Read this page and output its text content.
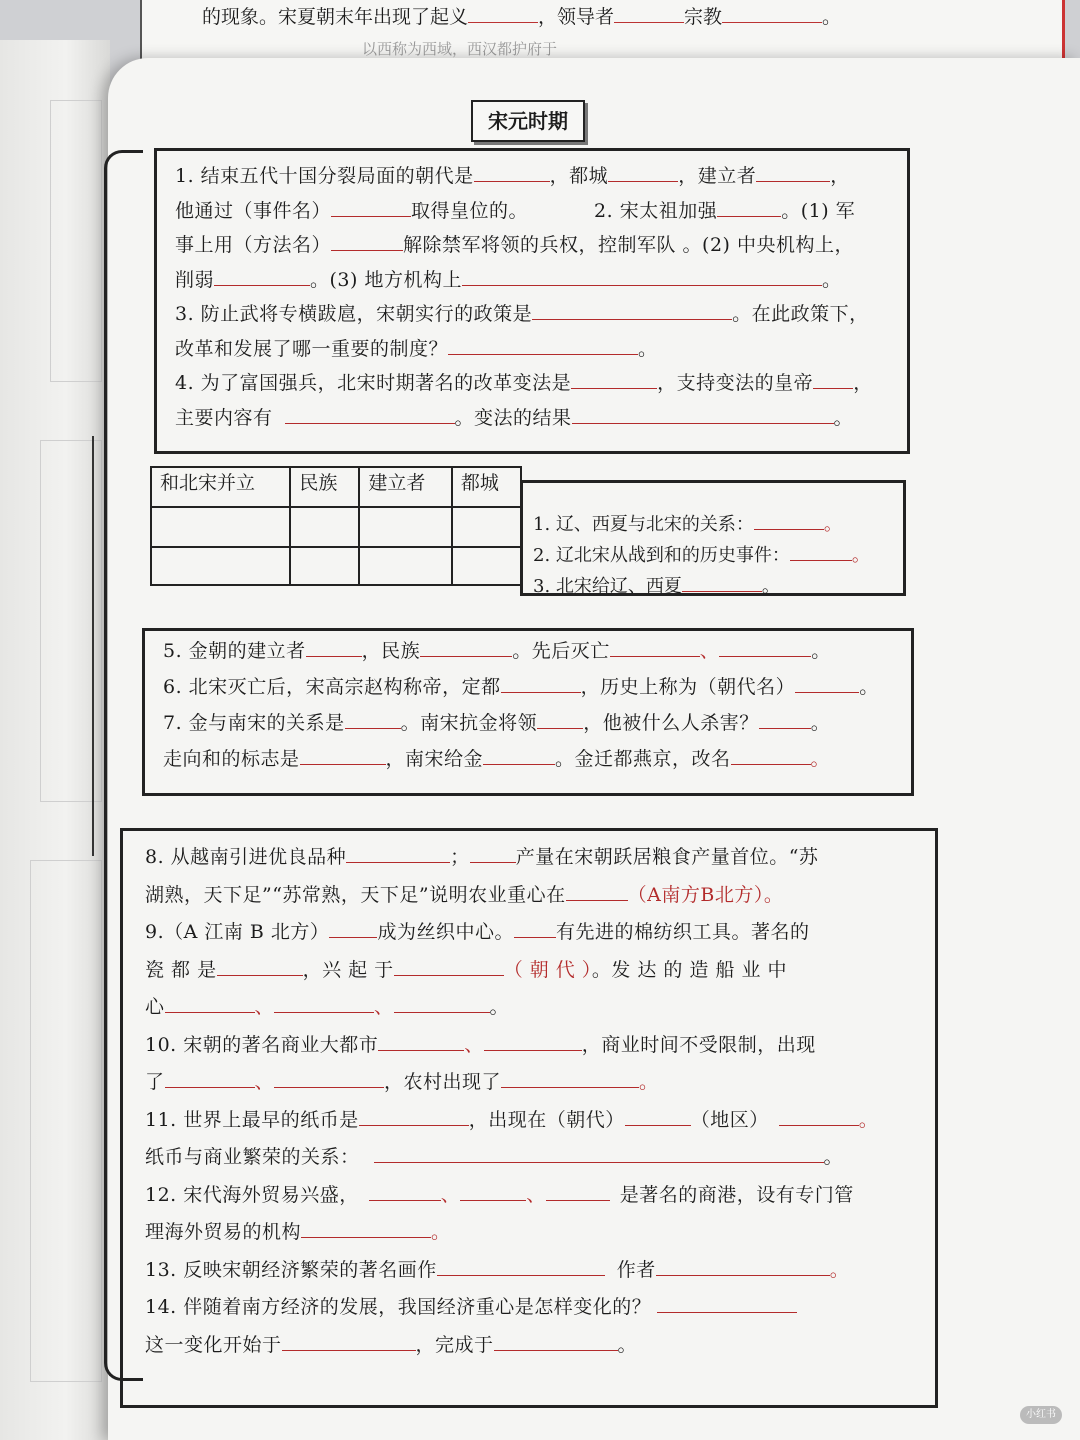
的现象。宋夏朝末年出现了起义	，领导者	宗教	。
以西称为西域，西汉都护府于
宋元时期

1. 结束五代十国分裂局面的朝代是	，都城	，建立者	，

他通过（事件名）	取得皇位的。	2. 宋太祖加强	。(1) 军

事上用（方法名）	解除禁军将领的兵权，控制军队 。(2) 中央机构上，

削弱	。(3) 地方机构上	。

3. 防止武将专横跋扈，宋朝实行的政策是	。在此政策下，

改革和发展了哪一重要的制度？	。

4. 为了富国强兵，北宋时期著名的改革变法是	，支持变法的皇帝 ，

主要内容有	。变法的结果	。

和北宋并立	民族	建立者	都城

1. 辽、西夏与北宋的关系：	。

2. 辽北宋从战到和的历史事件：	。

3. 北宋给辽、西夏	。

5. 金朝的建立者	，民族	。先后灭亡	、	。

6. 北宋灭亡后，宋高宗赵构称帝，定都	，历史上称为（朝代名）	。

7. 金与南宋的关系是	。南宋抗金将领 ，他被什么人杀害？	。

走向和的标志是	，南宋给金	。金迁都燕京，改名	。

8. 从越南引进优良品种	； 产量在宋朝跃居粮食产量首位。“苏

湖熟，天下足”“苏常熟，天下足”说明农业重心在	（A南方B北方）。

9.（A 江南 B 北方）	成为丝织中心。 有先进的棉纺织工具。著名的

瓷 都 是	，兴 起 于	（ 朝 代 ）。发 达 的 造 船 业 中

心	、	、	。

10. 宋朝的著名商业大都市	、	，商业时间不受限制，出现

了	、	，农村出现了	。

11. 世界上最早的纸币是	，出现在（朝代）	（地区）	。

纸币与商业繁荣的关系：	。

12. 宋代海外贸易兴盛，	、	、	是著名的商港，设有专门管

理海外贸易的机构	。

13. 反映宋朝经济繁荣的著名画作	作者	。

14. 伴随着南方经济的发展，我国经济重心是怎样变化的？

这一变化开始于	，完成于	。

小红书
